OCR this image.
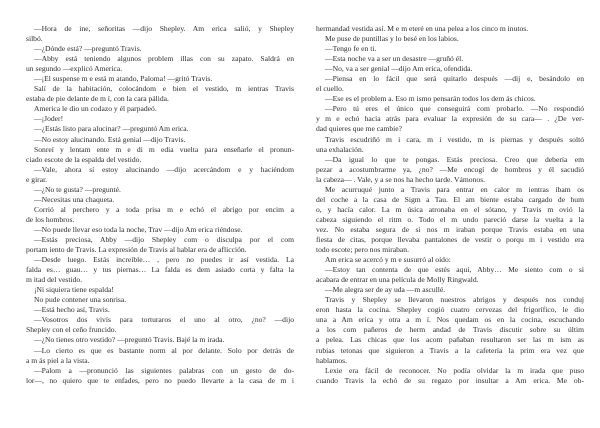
—Hora de ine, señoritas —dijo Shepley. Am erica salió, y Shepley
silbó.
—¿Dónde está? —preguntó Travis.
—Abby está teniendo algunos problem illas con su zapato. Saldrá en
un segundo —explicó America.
—¡El suspense m e está m atando, Paloma! —gritó Travis.
Salí de la habitación, colocándom e bien el vestido, m ientras Travis
estaba de pie delante de m í, con la cara pálida.
America le dio un codazo y él parpadeó.
—¡Joder!
—¿Estás listo para alucinar? —preguntó Am erica.
—No estoy alucinando. Está genial —dijo Travis.
Sonreí y lentam ente m e di m edia vuelta para enseñarle el pronun-
ciado escote de la espalda del vestido.
—Vale, ahora sí estoy alucinando —dijo acercándom e y haciéndom
e girar.
—¿No te gusta? —pregunté.
—Necesitas una chaqueta.
Corrió al perchero y a toda prisa m e echó el abrigo por encim a
de los hombros.
—No puede llevar eso toda la noche, Trav —dijo Am erica riéndose.
—Estás preciosa, Abby —dijo Shepley com o disculpa por el com
portam iento de Travis. La expresión de Travis al hablar era de aflicción.
—Desde luego. Estás increíble… , pero no puedes ir así vestida. La
falda es… guau… y tus piernas… La falda es dem asiado corta y falta la
m itad del vestido.
¡Ni siquiera tiene espalda!
No pude contener una sonrisa.
—Está hecho así, Travis.
—Vosotros dos vivís para torturaros el uno al otro, ¿no? —dijo
Shepley con el ceño fruncido.
—¿No tienes otro vestido? —preguntó Travis. Bajé la m irada.
—Lo cierto es que es bastante norm al por delante. Solo por detrás de
a m ás piel a la vista.
—Palom a —pronunció las siguientes palabras con un gesto de do-
lor—, no quiero que te enfades, pero no puedo llevarte a la casa de m i
hermandad vestida así. M e m eteré en una pelea a los cinco m inutos.
Me puse de puntillas y lo besé en los labios.
—Tengo fe en ti.
—Esta noche va a ser un desastre —gruñó él.
—No, va a ser genial —dijo Am erica, ofendida.
—Piensa en lo fácil que será quitarlo después —dij e, besándolo en
el cuello.
—Ese es el problem a. Eso m ismo pensarán todos los dem ás chicos.
—Pero tú eres el único que conseguirá com probarlo. —No respondió
y m e echó hacia atrás para evaluar la expresión de su cara— . ¿De ver-
dad quieres que me cambie?
Travis escudriñó m i cara, m i vestido, m is piernas y después soltó
una exhalación.
—Da igual lo que te pongas. Estás preciosa. Creo que debería em
pezar a acostumbrarme ya, ¿no? —Me encogí de hombros y él sacudió
la cabeza— . Vale, y a se nos ha hecho tarde. Vámonos.
Me acurruqué junto a Travis para entrar en calor m ientras íbam os
del coche a la casa de Sigm a Tau. El am biente estaba cargado de hum
o, y hacía calor. La m úsica atronaba en el sótano, y Travis m ovió la
cabeza siguiendo el ritm o. Todo el m undo pareció darse la vuelta a la
vez. No estaba segura de si nos m iraban porque Travis estaba en una
fiesta de citas, porque llevaba pantalones de vestir o porqu m i vestido era
todo escote; pero nos miraban.
Am erica se acercó y m e susurró al oído:
—Estoy tan contenta de que estés aquí, Abby… Me siento com o si
acabara de entrar en una película de Molly Ringwald.
—Me alegra ser de ay uda —m ascullé.
Travis y Shepley se llevaron nuestros abrigos y después nos conduj
eron hasta la cocina. Shepley cogió cuatro cervezas del frigorífico, le dio
una a Am erica y otra a m í. Nos quedam os en la cocina, escuchando
a los com pañeros de herm andad de Travis discutir sobre su últim
a pelea. Las chicas que los acom pañaban resultaron ser las m ism as
rubias tetonas que siguieron a Travis a la cafetería la prim era vez que
hablamos.
Lexie era fácil de reconocer. No podía olvidar la m irada que puso
cuando Travis la echó de su regazo por insultar a Am erica. Me ob-
